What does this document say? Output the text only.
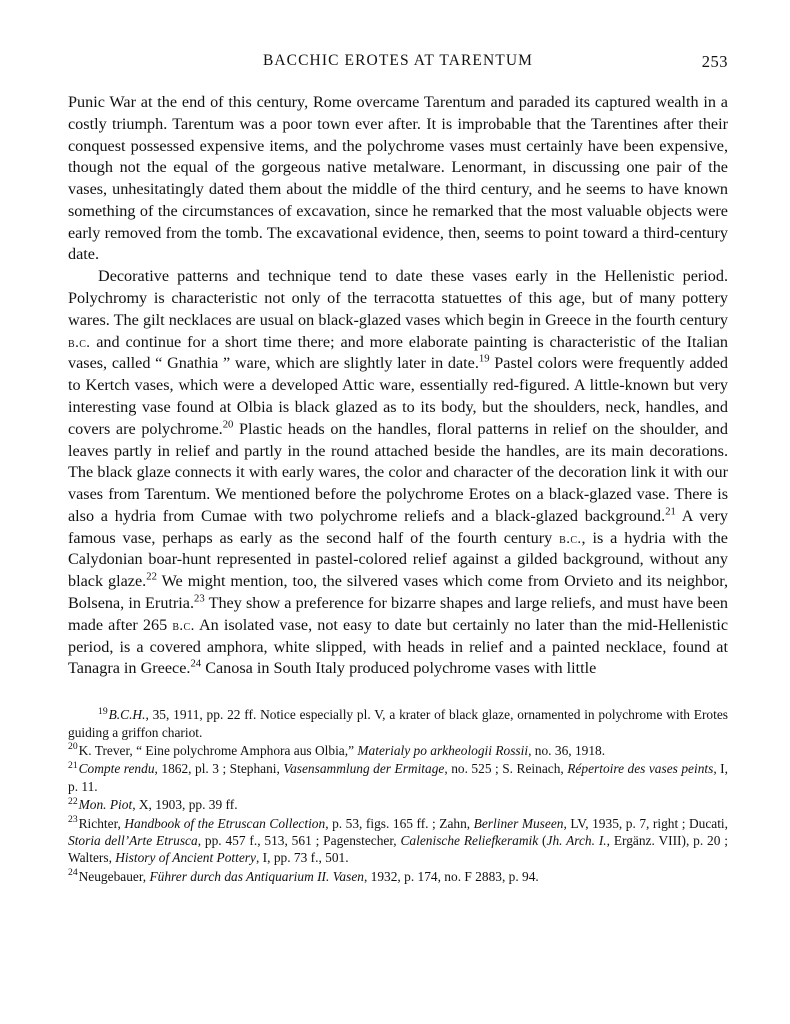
BACCHIC EROTES AT TARENTUM	253

Punic War at the end of this century, Rome overcame Tarentum and paraded its captured wealth in a costly triumph. Tarentum was a poor town ever after. It is improbable that the Tarentines after their conquest possessed expensive items, and the polychrome vases must certainly have been expensive, though not the equal of the gorgeous native metalware. Lenormant, in discussing one pair of the vases, unhesitatingly dated them about the middle of the third century, and he seems to have known something of the circumstances of excavation, since he remarked that the most valuable objects were early removed from the tomb. The excavational evidence, then, seems to point toward a third-century date.

Decorative patterns and technique tend to date these vases early in the Hellenistic period. Polychromy is characteristic not only of the terracotta statuettes of this age, but of many pottery wares. The gilt necklaces are usual on black-glazed vases which begin in Greece in the fourth century b.c. and continue for a short time there; and more elaborate painting is characteristic of the Italian vases, called “ Gnathia ” ware, which are slightly later in date.$^{19}$ Pastel colors were frequently added to Kertch vases, which were a developed Attic ware, essentially red-figured. A little-known but very interesting vase found at Olbia is black glazed as to its body, but the shoulders, neck, handles, and covers are polychrome.$^{20}$ Plastic heads on the handles, floral patterns in relief on the shoulder, and leaves partly in relief and partly in the round attached beside the handles, are its main decorations. The black glaze connects it with early wares, the color and character of the decoration link it with our vases from Tarentum. We mentioned before the polychrome Erotes on a black-glazed vase. There is also a hydria from Cumae with two polychrome reliefs and a black-glazed background.$^{21}$ A very famous vase, perhaps as early as the second half of the fourth century b.c., is a hydria with the Calydonian boar-hunt represented in pastel-colored relief against a gilded background, without any black glaze.$^{22}$ We might mention, too, the silvered vases which come from Orvieto and its neighbor, Bolsena, in Erutria.$^{23}$ They show a preference for bizarre shapes and large reliefs, and must have been made after 265 b.c. An isolated vase, not easy to date but certainly no later than the mid-Hellenistic period, is a covered amphora, white slipped, with heads in relief and a painted necklace, found at Tanagra in Greece.$^{24}$ Canosa in South Italy produced polychrome vases with little

$^{19}$B.C.H., 35, 1911, pp. 22 ff. Notice especially pl. V, a krater of black glaze, ornamented in polychrome with Erotes guiding a griffon chariot.

$^{20}$K. Trever, “ Eine polychrome Amphora aus Olbia,” Materialy po arkheologii Rossii, no. 36, 1918.

$^{21}$Compte rendu, 1862, pl. 3 ; Stephani, Vasensammlung der Ermitage, no. 525 ; S. Reinach, Répertoire des vases peints, I, p. 11.

$^{22}$Mon. Piot, X, 1903, pp. 39 ff.

$^{23}$Richter, Handbook of the Etruscan Collection, p. 53, figs. 165 ff. ; Zahn, Berliner Museen, LV, 1935, p. 7, right ; Ducati, Storia dell’Arte Etrusca, pp. 457 f., 513, 561 ; Pagenstecher, Calenische Reliefkeramik (Jh. Arch. I., Ergänz. VIII), p. 20 ; Walters, History of Ancient Pottery, I, pp. 73 f., 501.

$^{24}$Neugebauer, Führer durch das Antiquarium II. Vasen, 1932, p. 174, no. F 2883, p. 94.
